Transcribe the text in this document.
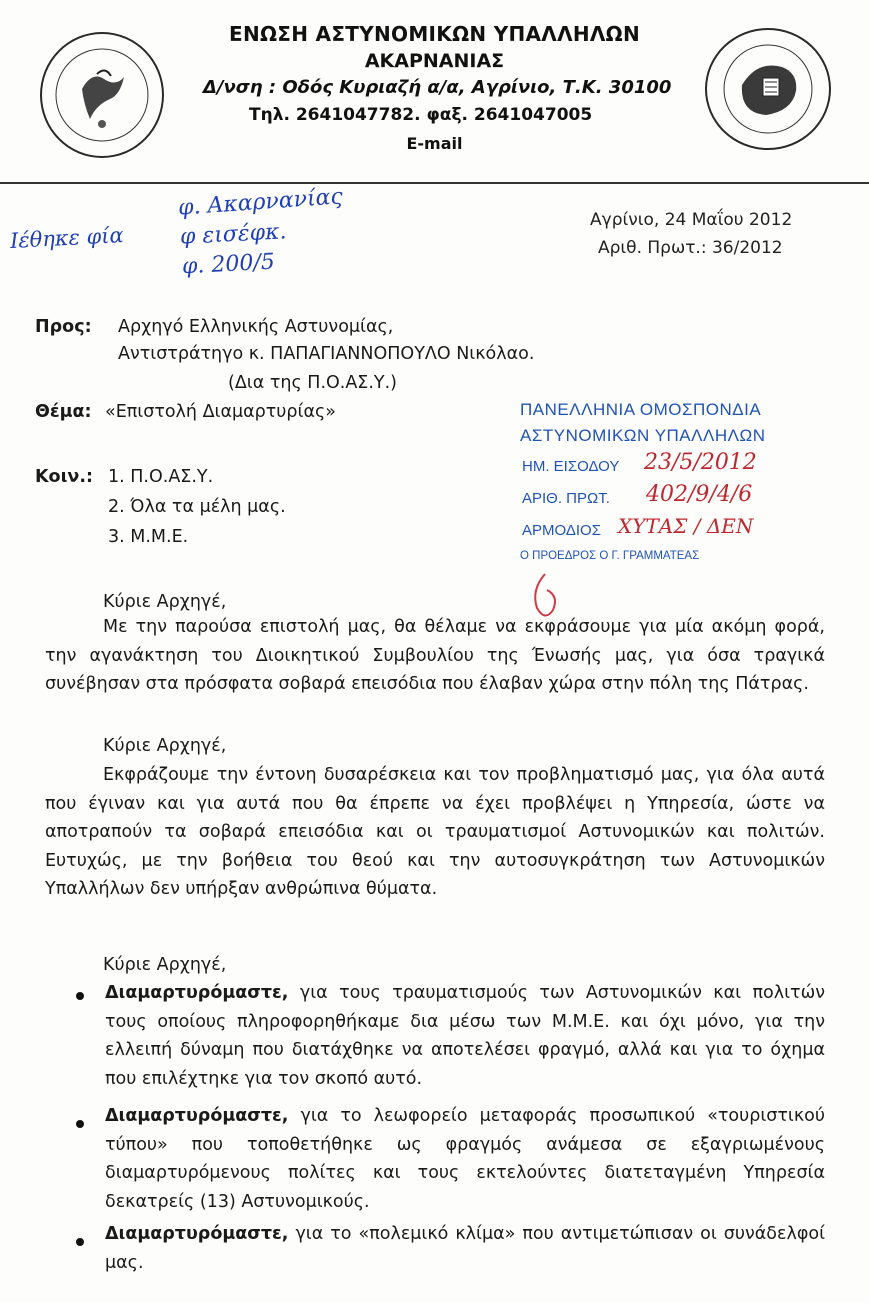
ΕΝΩΣΗ ΑΣΤΥΝΟΜΙΚΩΝ ΥΠΑΛΛΗΛΩΝ
ΑΚΑΡΝΑΝΙΑΣ
Δ/νση : Οδός Κυριαζή α/α, Αγρίνιο, Τ.Κ. 30100
Τηλ. 2641047782. φαξ. 2641047005
E-mail
Ιέθηκε φία
φ. Ακαρνανίας
φ εισέφκ.
φ. 200/5
Αγρίνιο, 24 Μαΐου 2012
Αριθ. Πρωτ.: 36/2012
Προς: Αρχηγό Ελληνικής Αστυνομίας,
Αντιστράτηγο κ. ΠΑΠΑΓΙΑΝΝΟΠΟΥΛΟ Νικόλαο.
(Δια της Π.Ο.ΑΣ.Υ.)
Θέμα: «Επιστολή Διαμαρτυρίας»
Κοιν.: 1. Π.Ο.ΑΣ.Υ.
2. Όλα τα μέλη μας.
3. Μ.Μ.Ε.
ΠΑΝΕΛΛΗΝΙΑ ΟΜΟΣΠΟΝΔΙΑ
ΑΣΤΥΝΟΜΙΚΩΝ ΥΠΑΛΛΗΛΩΝ
ΗΜ. ΕΙΣΟΔΟΥ 23/5/2012
ΑΡΙΘ. ΠΡΩΤ. 402/9/4/6
ΑΡΜΟΔΙΟΣ ΧΥΤΑΣ / ΔΕΝ
Ο ΠΡΟΕΔΡΟΣ Ο Γ. ΓΡΑΜΜΑΤΕΑΣ
Κύριε Αρχηγέ,
Με την παρούσα επιστολή μας, θα θέλαμε να εκφράσουμε για μία ακόμη φορά, την αγανάκτηση του Διοικητικού Συμβουλίου της Ένωσής μας, για όσα τραγικά συνέβησαν στα πρόσφατα σοβαρά επεισόδια που έλαβαν χώρα στην πόλη της Πάτρας.
Κύριε Αρχηγέ,
Εκφράζουμε την έντονη δυσαρέσκεια και τον προβληματισμό μας, για όλα αυτά που έγιναν και για αυτά που θα έπρεπε να έχει προβλέψει η Υπηρεσία, ώστε να αποτραπούν τα σοβαρά επεισόδια και οι τραυματισμοί Αστυνομικών και πολιτών. Ευτυχώς, με την βοήθεια του θεού και την αυτοσυγκράτηση των Αστυνομικών Υπαλλήλων δεν υπήρξαν ανθρώπινα θύματα.
Κύριε Αρχηγέ,
Διαμαρτυρόμαστε, για τους τραυματισμούς των Αστυνομικών και πολιτών τους οποίους πληροφορηθήκαμε δια μέσω των Μ.Μ.Ε. και όχι μόνο, για την ελλειπή δύναμη που διατάχθηκε να αποτελέσει φραγμό, αλλά και για το όχημα που επιλέχτηκε για τον σκοπό αυτό.
Διαμαρτυρόμαστε, για το λεωφορείο μεταφοράς προσωπικού «τουριστικού τύπου» που τοποθετήθηκε ως φραγμός ανάμεσα σε εξαγριωμένους διαμαρτυρόμενους πολίτες και τους εκτελούντες διατεταγμένη Υπηρεσία δεκατρείς (13) Αστυνομικούς.
Διαμαρτυρόμαστε, για το «πολεμικό κλίμα» που αντιμετώπισαν οι συνάδελφοί μας.
